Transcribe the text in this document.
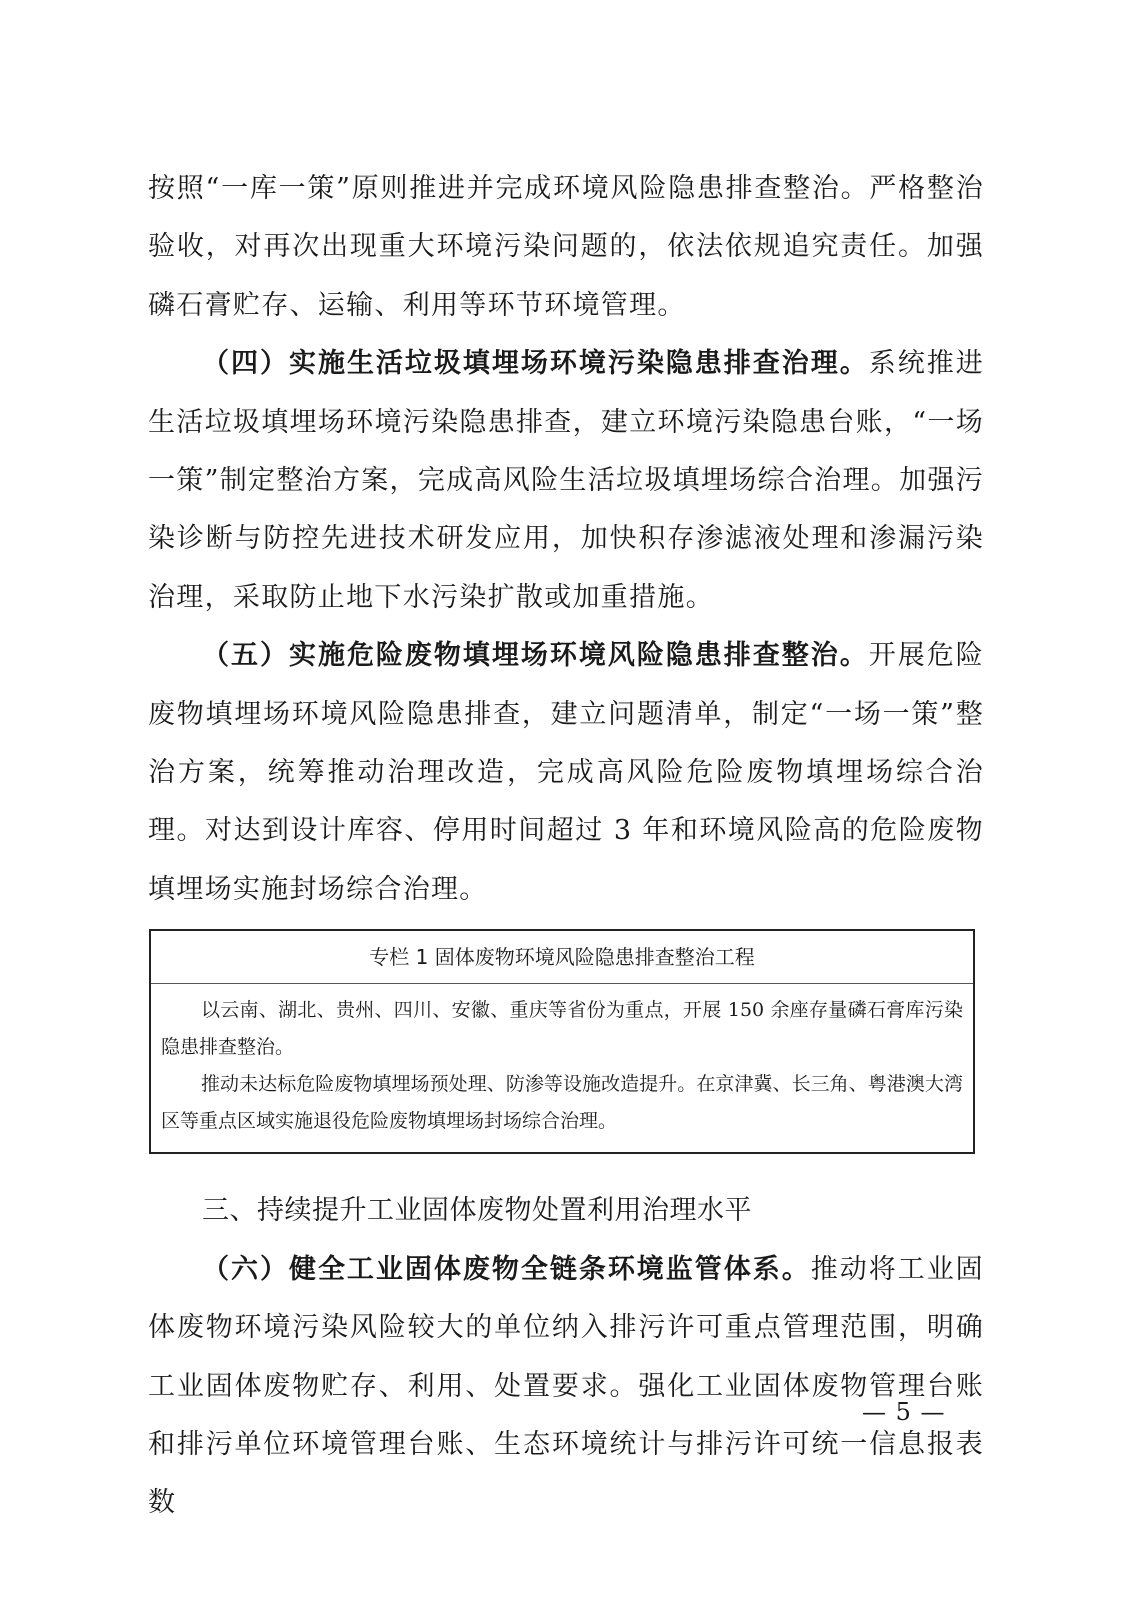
按照“一库一策”原则推进并完成环境风险隐患排查整治。严格整治验收，对再次出现重大环境污染问题的，依法依规追究责任。加强磷石膏贮存、运输、利用等环节环境管理。

（四）实施生活垃圾填埋场环境污染隐患排查治理。系统推进生活垃圾填埋场环境污染隐患排查，建立环境污染隐患台账，“一场一策”制定整治方案，完成高风险生活垃圾填埋场综合治理。加强污染诊断与防控先进技术研发应用，加快积存渗滤液处理和渗漏污染治理，采取防止地下水污染扩散或加重措施。

（五）实施危险废物填埋场环境风险隐患排查整治。开展危险废物填埋场环境风险隐患排查，建立问题清单，制定“一场一策”整治方案，统筹推动治理改造，完成高风险危险废物填埋场综合治理。对达到设计库容、停用时间超过 3 年和环境风险高的危险废物填埋场实施封场综合治理。

专栏 1 固体废物环境风险隐患排查整治工程

以云南、湖北、贵州、四川、安徽、重庆等省份为重点，开展 150 余座存量磷石膏库污染隐患排查整治。

推动未达标危险废物填埋场预处理、防渗等设施改造提升。在京津冀、长三角、粤港澳大湾区等重点区域实施退役危险废物填埋场封场综合治理。

三、持续提升工业固体废物处置利用治理水平

（六）健全工业固体废物全链条环境监管体系。推动将工业固体废物环境污染风险较大的单位纳入排污许可重点管理范围，明确工业固体废物贮存、利用、处置要求。强化工业固体废物管理台账和排污单位环境管理台账、生态环境统计与排污许可统一信息报表数

— 5 —
